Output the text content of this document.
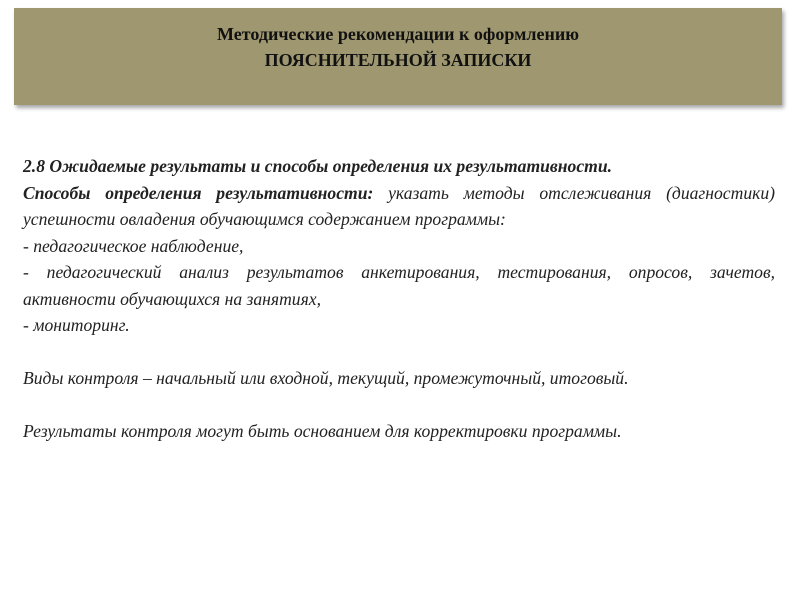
Методические рекомендации к оформлению
ПОЯСНИТЕЛЬНОЙ ЗАПИСКИ

2.8 Ожидаемые результаты и способы определения их результативности.

Способы определения результативности: указать методы отслеживания (диагностики) успешности овладения обучающимся содержанием программы:

- педагогическое наблюдение,

- педагогический анализ результатов анкетирования, тестирования, опросов, зачетов, активности обучающихся на занятиях,

- мониторинг.

Виды контроля – начальный или входной, текущий, промежуточный, итоговый.

Результаты контроля могут быть основанием для корректировки программы.
